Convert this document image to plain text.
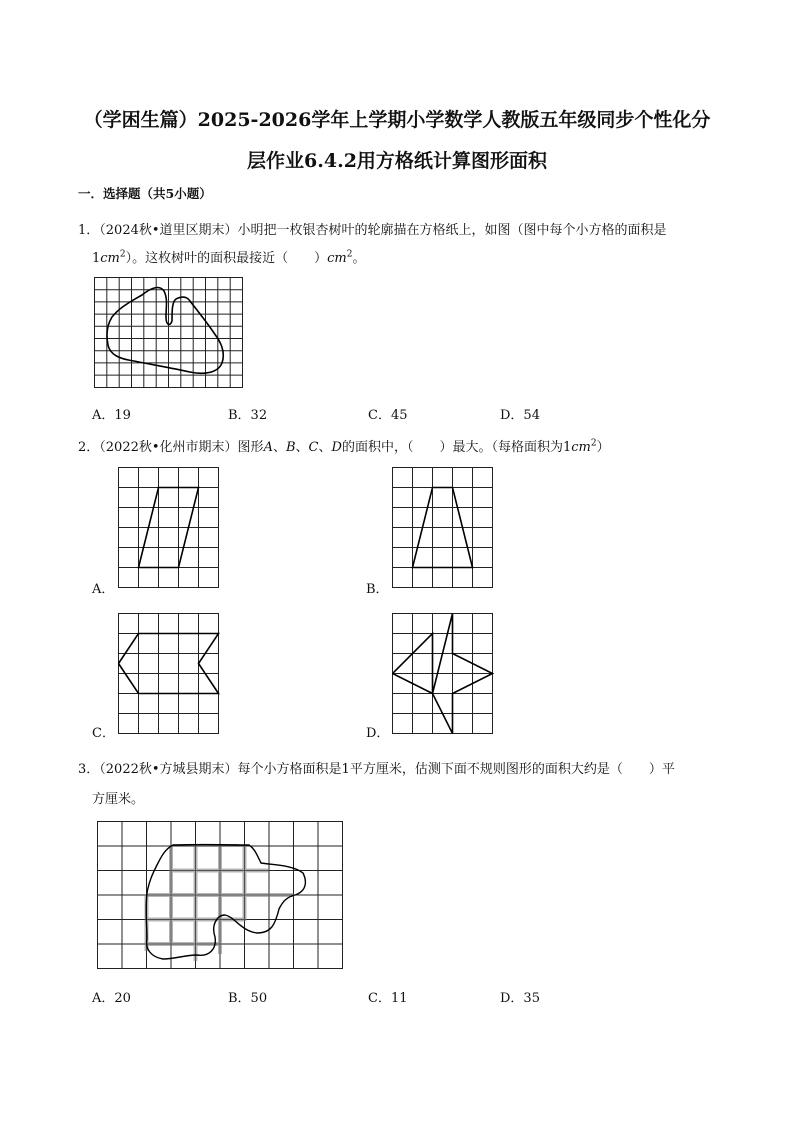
（学困生篇）2025-2026学年上学期小学数学人教版五年级同步个性化分
层作业6.4.2用方格纸计算图形面积
一．选择题（共5小题）
1．（2024秋•道里区期末）小明把一枚银杏树叶的轮廓描在方格纸上，如图（图中每个小方格的面积是
$1cm^2$）。这枚树叶的面积最接近（　　）$cm^2$。
A．19	B．32	C．45	D．54
2．（2022秋•化州市期末）图形A、B、C、D的面积中，（　　）最大。（每格面积为$1cm^2$）
A．	B．
C．	D．
3．（2022秋•方城县期末）每个小方格面积是1平方厘米，估测下面不规则图形的面积大约是（　　）平
方厘米。
A．20	B．50	C．11	D．35
